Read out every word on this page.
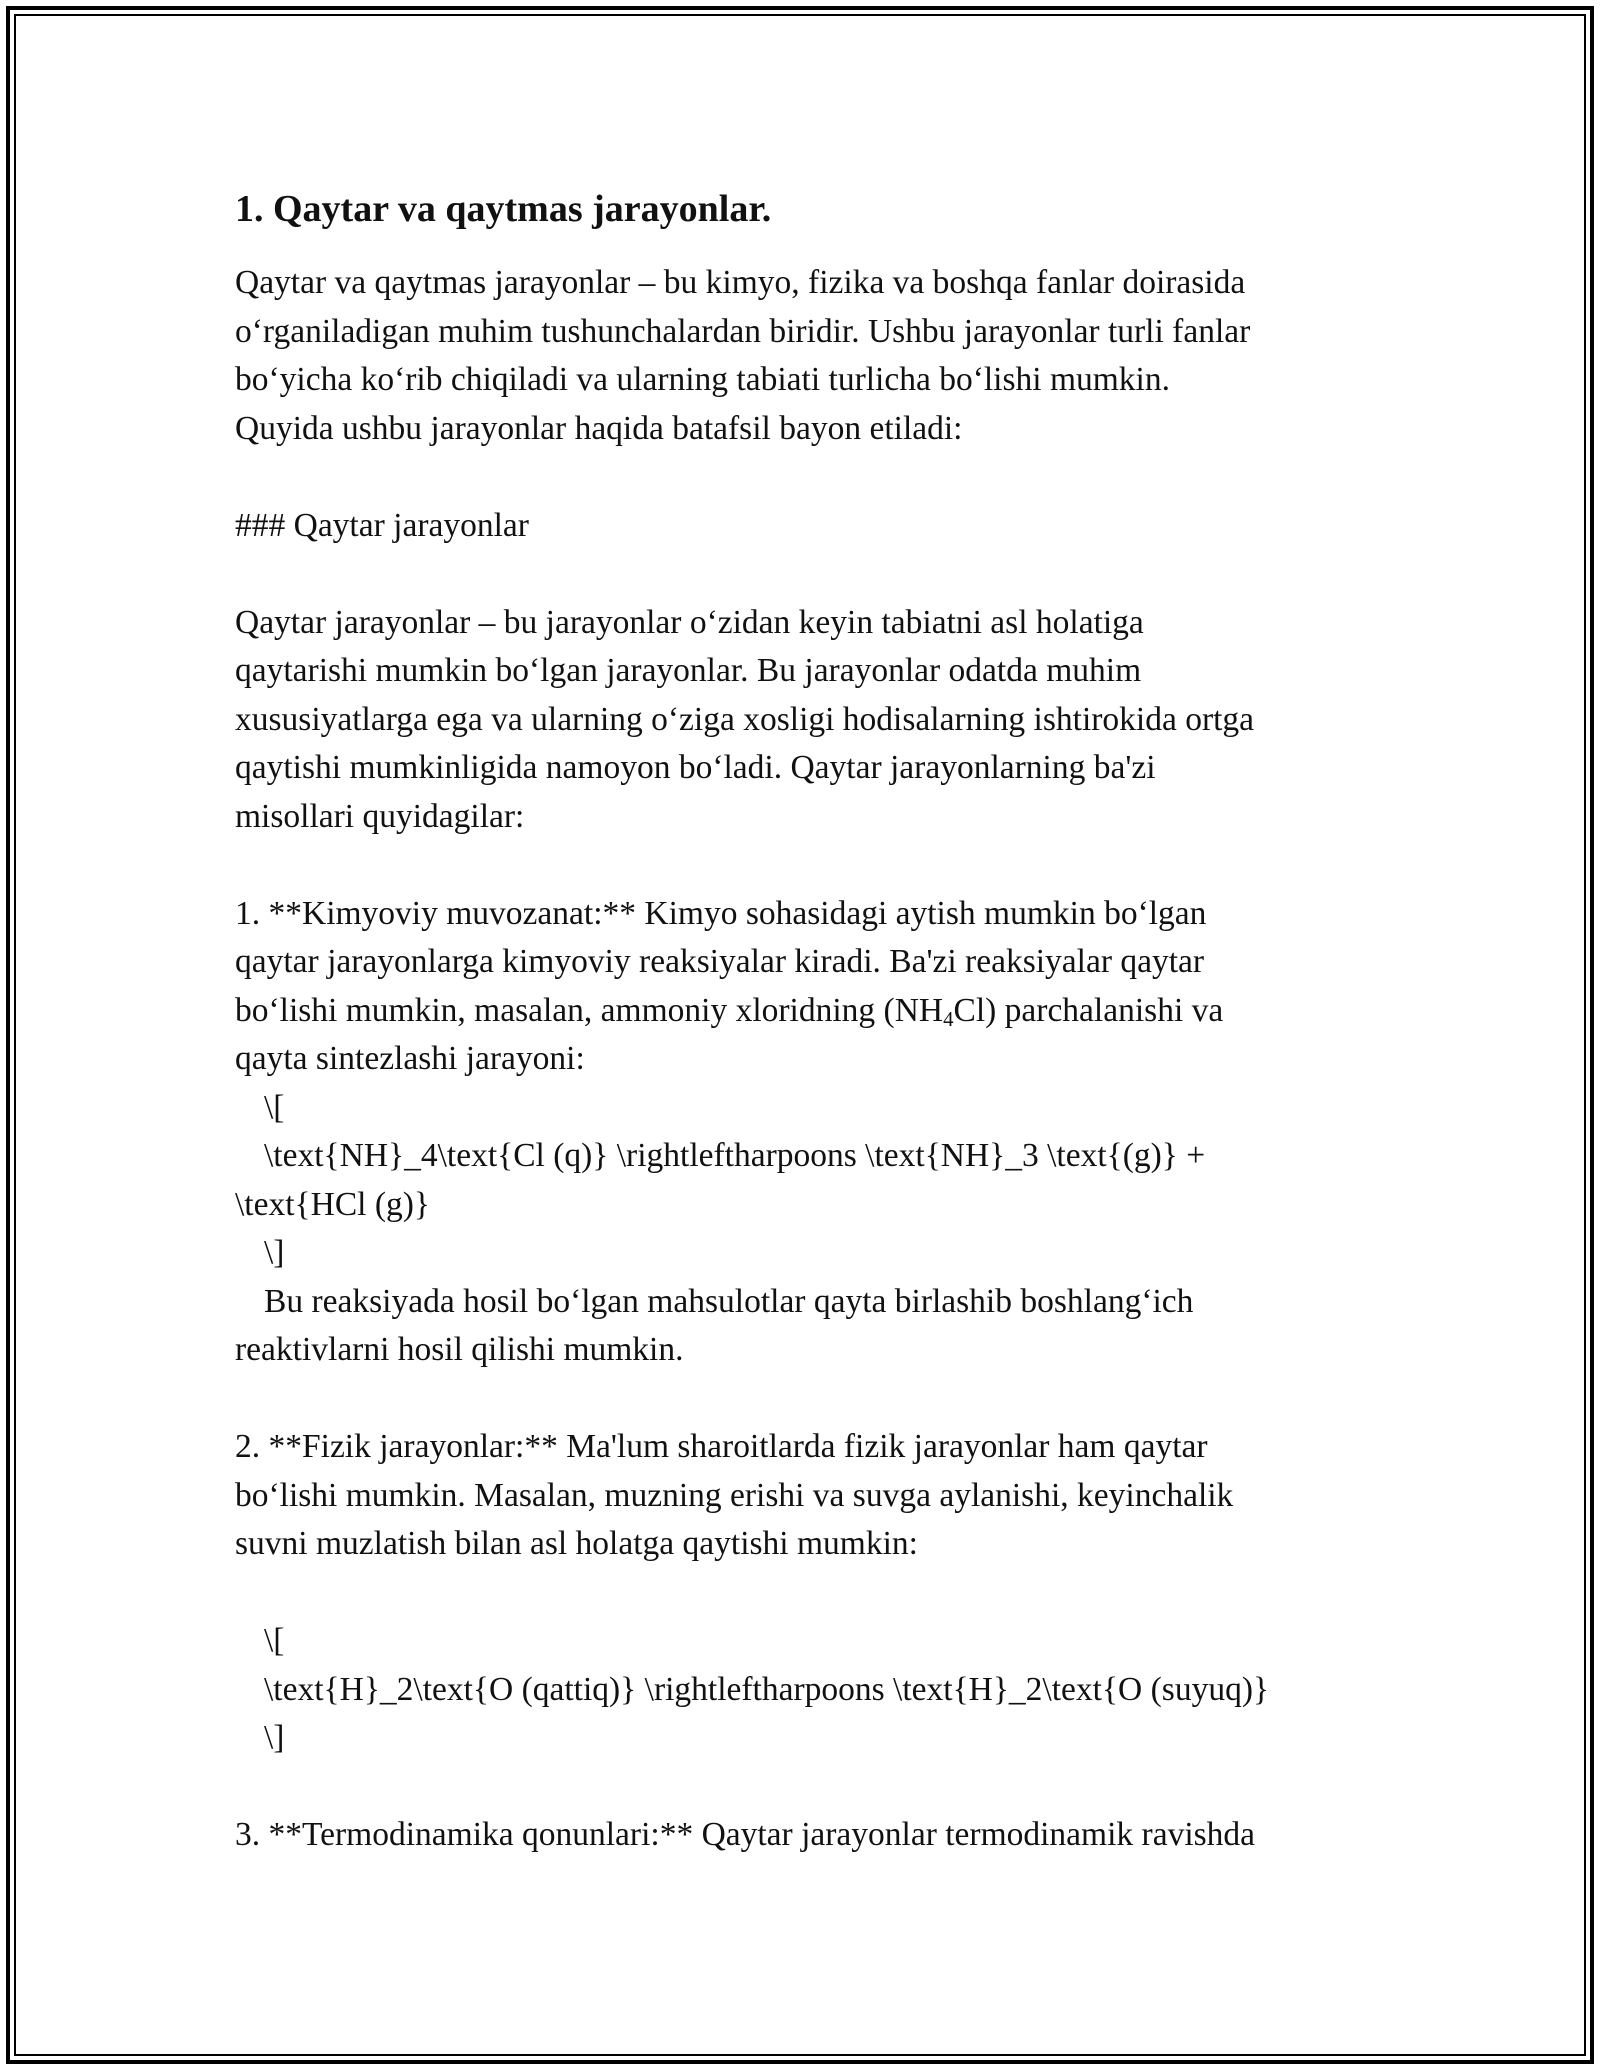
1. Qaytar va qaytmas jarayonlar.
Qaytar va qaytmas jarayonlar – bu kimyo, fizika va boshqa fanlar doirasida
o‘rganiladigan muhim tushunchalardan biridir. Ushbu jarayonlar turli fanlar
bo‘yicha ko‘rib chiqiladi va ularning tabiati turlicha bo‘lishi mumkin.
Quyida ushbu jarayonlar haqida batafsil bayon etiladi:
### Qaytar jarayonlar
Qaytar jarayonlar – bu jarayonlar o‘zidan keyin tabiatni asl holatiga
qaytarishi mumkin bo‘lgan jarayonlar. Bu jarayonlar odatda muhim
xususiyatlarga ega va ularning o‘ziga xosligi hodisalarning ishtirokida ortga
qaytishi mumkinligida namoyon bo‘ladi. Qaytar jarayonlarning ba'zi
misollari quyidagilar:
1. **Kimyoviy muvozanat:** Kimyo sohasidagi aytish mumkin bo‘lgan
qaytar jarayonlarga kimyoviy reaksiyalar kiradi. Ba'zi reaksiyalar qaytar
bo‘lishi mumkin, masalan, ammoniy xloridning $(NH_4Cl)$ parchalanishi va
qayta sintezlashi jarayoni:
\[
\text{NH}_4\text{Cl (q)} \rightleftharpoons \text{NH}_3 \text{(g)} +
\text{HCl (g)}
\]
Bu reaksiyada hosil bo‘lgan mahsulotlar qayta birlashib boshlang‘ich
reaktivlarni hosil qilishi mumkin.
2. **Fizik jarayonlar:** Ma'lum sharoitlarda fizik jarayonlar ham qaytar
bo‘lishi mumkin. Masalan, muzning erishi va suvga aylanishi, keyinchalik
suvni muzlatish bilan asl holatga qaytishi mumkin:
\[
\text{H}_2\text{O (qattiq)} \rightleftharpoons \text{H}_2\text{O (suyuq)}
\]
3. **Termodinamika qonunlari:** Qaytar jarayonlar termodinamik ravishda
